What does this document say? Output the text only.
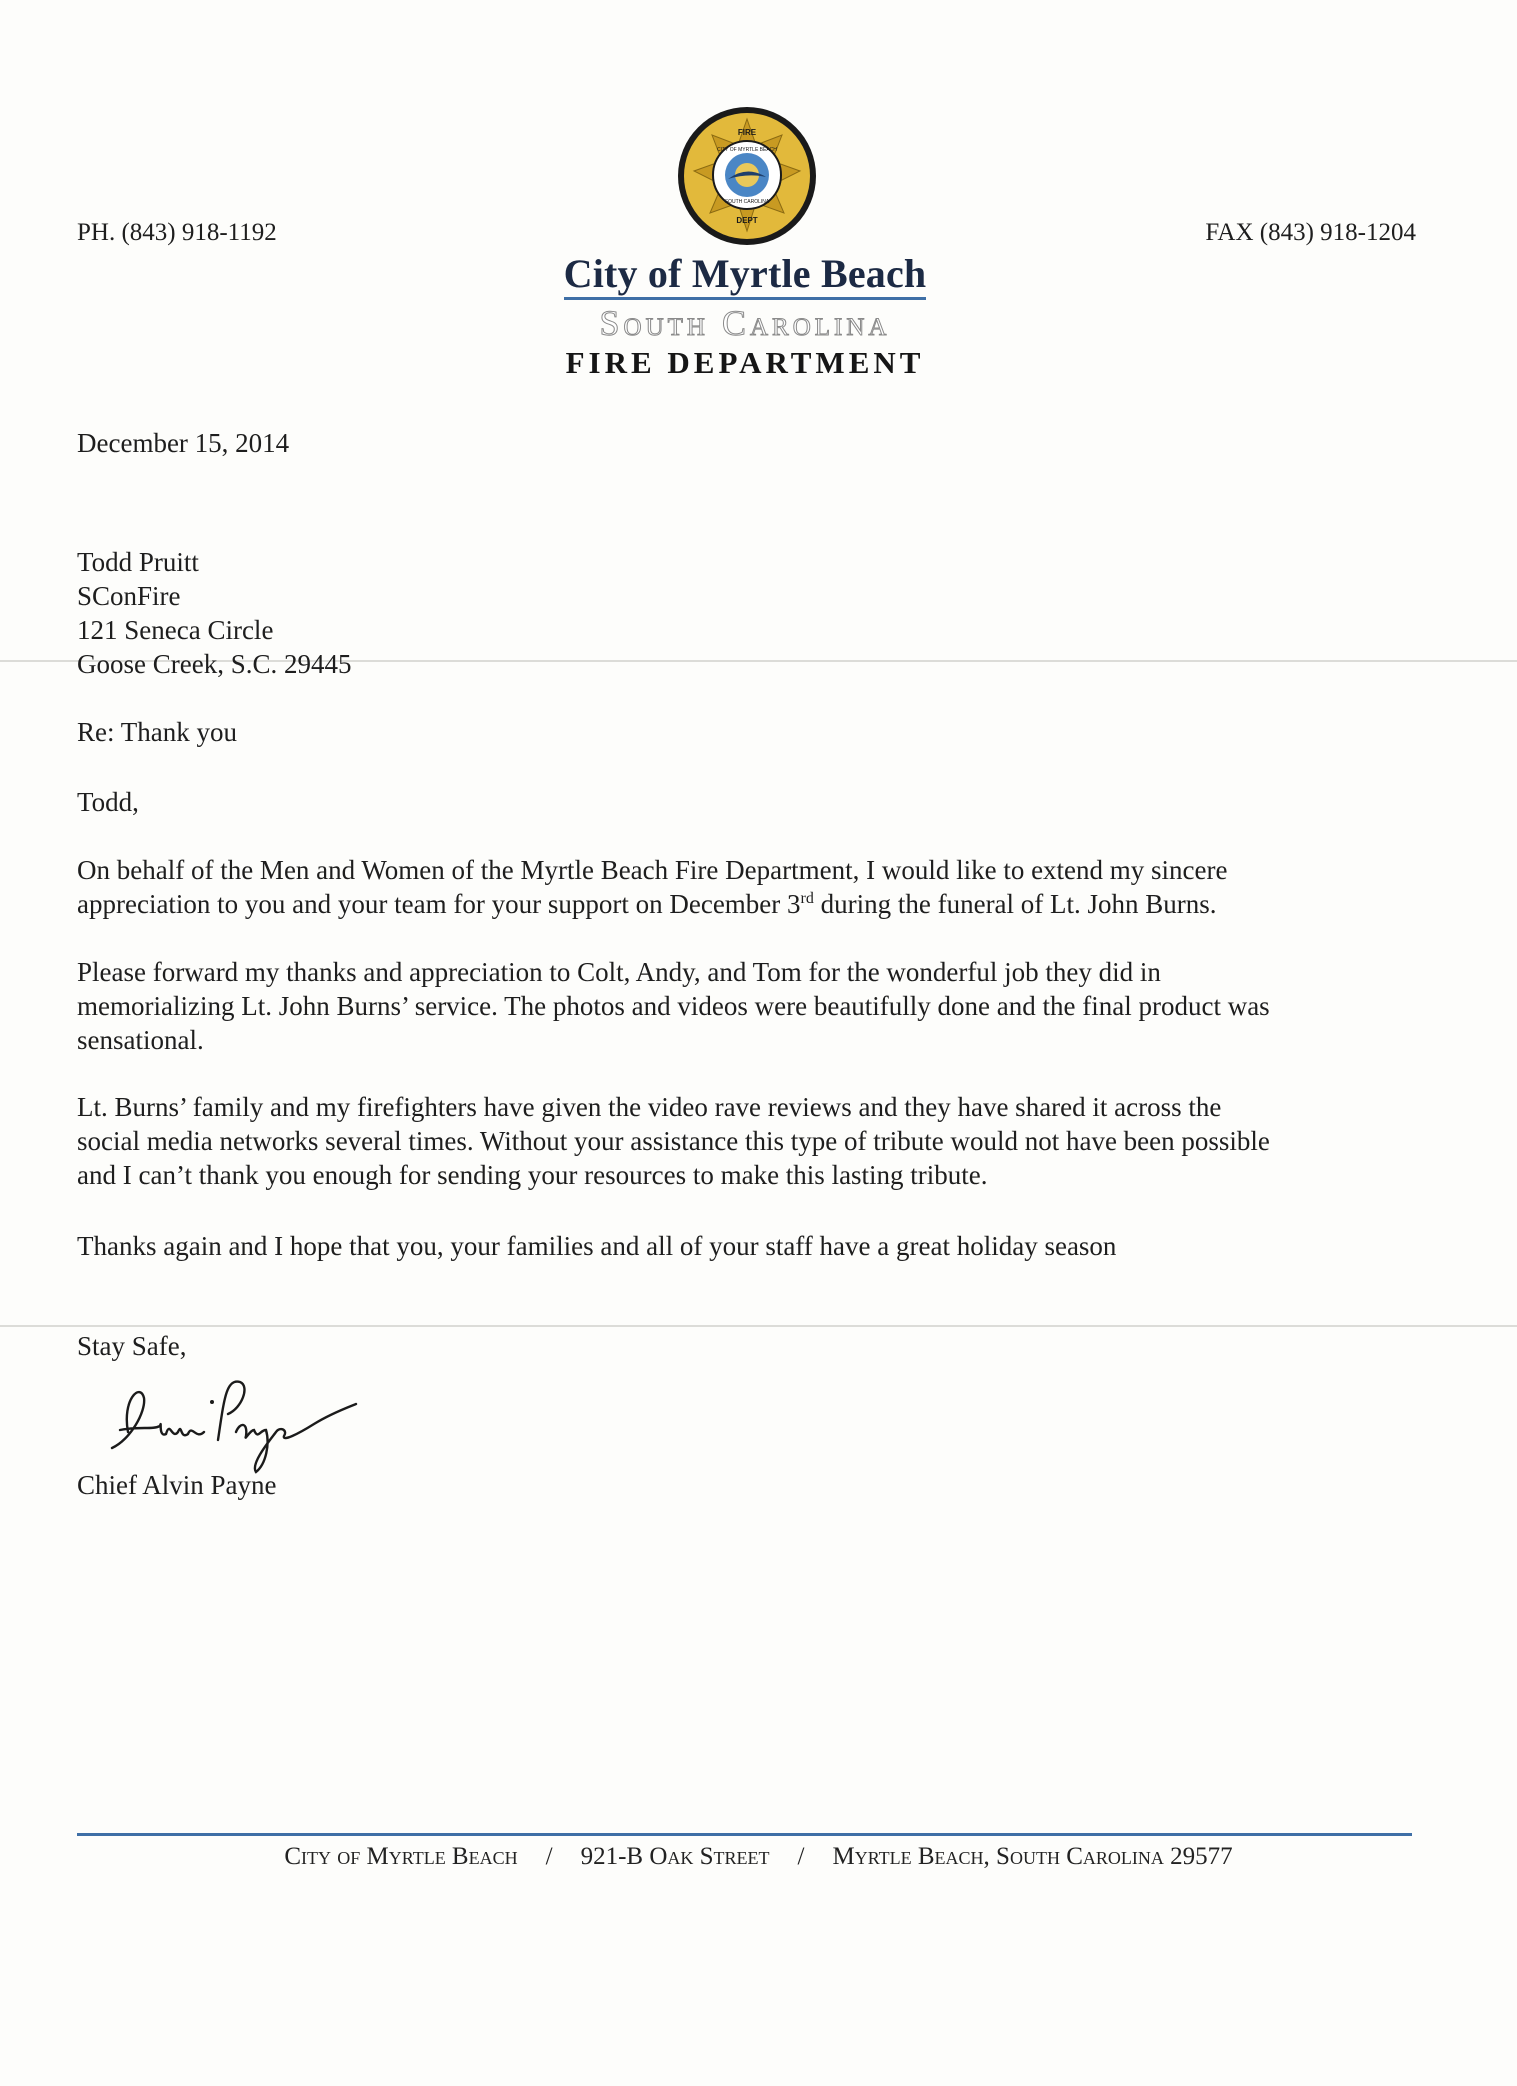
PH. (843) 918-1192	FAX (843) 918-1204
FIRE
CITY OF MYRTLE BEACH
SOUTH CAROLINA
DEPT
City of Myrtle Beach
South Carolina
FIRE DEPARTMENT
December 15, 2014
Todd Pruitt
SConFire
121 Seneca Circle
Goose Creek, S.C. 29445
Re: Thank you
Todd,
On behalf of the Men and Women of the Myrtle Beach Fire Department, I would like to extend my sincere
appreciation to you and your team for your support on December 3rd during the funeral of Lt. John Burns.
Please forward my thanks and appreciation to Colt, Andy, and Tom for the wonderful job they did in
memorializing Lt. John Burns’ service. The photos and videos were beautifully done and the final product was
sensational.
Lt. Burns’ family and my firefighters have given the video rave reviews and they have shared it across the
social media networks several times. Without your assistance this type of tribute would not have been possible
and I can’t thank you enough for sending your resources to make this lasting tribute.
Thanks again and I hope that you, your families and all of your staff have a great holiday season
Stay Safe,
Chief Alvin Payne
City of Myrtle Beach / 921-B Oak Street / Myrtle Beach, South Carolina 29577
